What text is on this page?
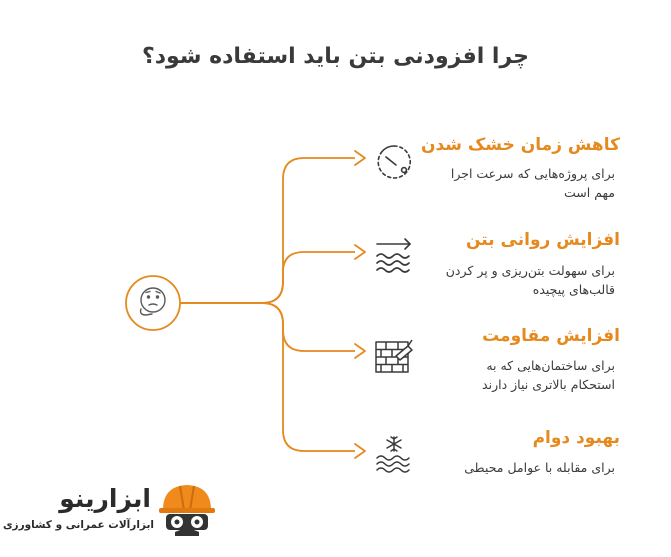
چرا افزودنی بتن باید استفاده شود؟
کاهش زمان خشک شدن
برای پروژه‌هایی که سرعت اجرا
مهم است
افزایش روانی بتن
برای سهولت بتن‌ریزی و پر کردن
قالب‌های پیچیده
افزایش مقاومت
برای ساختمان‌هایی که به
استحکام بالاتری نیاز دارند
بهبود دوام
برای مقابله با عوامل محیطی
ابزارینو
ابزارآلات عمرانی و کشاورزی
